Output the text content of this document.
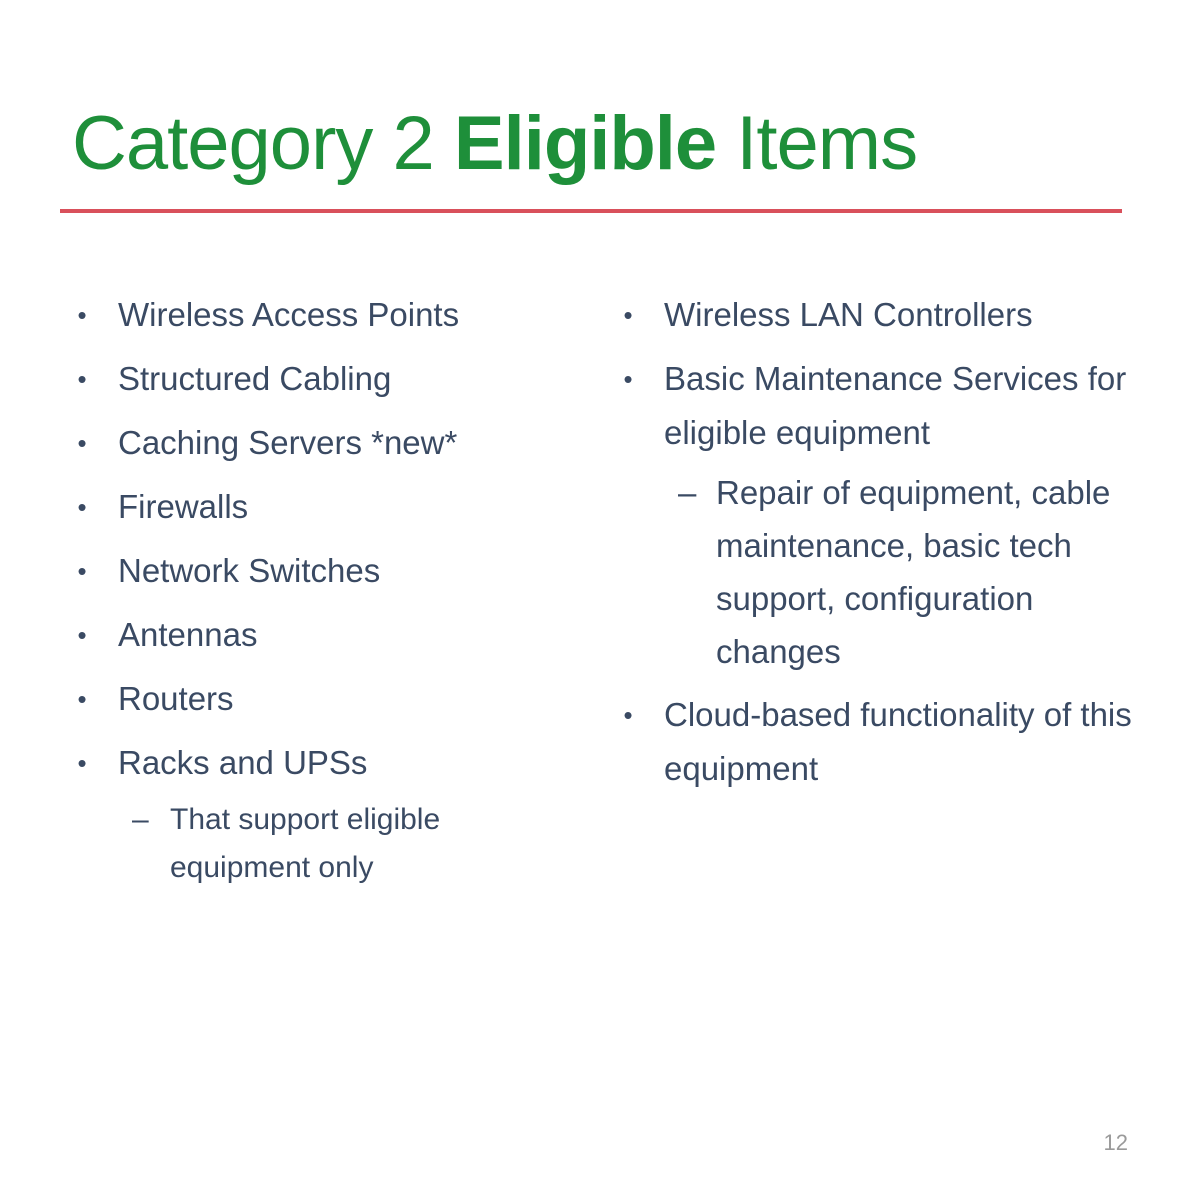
Category 2 Eligible Items
• Wireless Access Points
• Structured Cabling
• Caching Servers *new*
• Firewalls
• Network Switches
• Antennas
• Routers
• Racks and UPSs
– That support eligible equipment only
• Wireless LAN Controllers
• Basic Maintenance Services for eligible equipment
– Repair of equipment, cable maintenance, basic tech support, configuration changes
• Cloud-based functionality of this equipment
12
